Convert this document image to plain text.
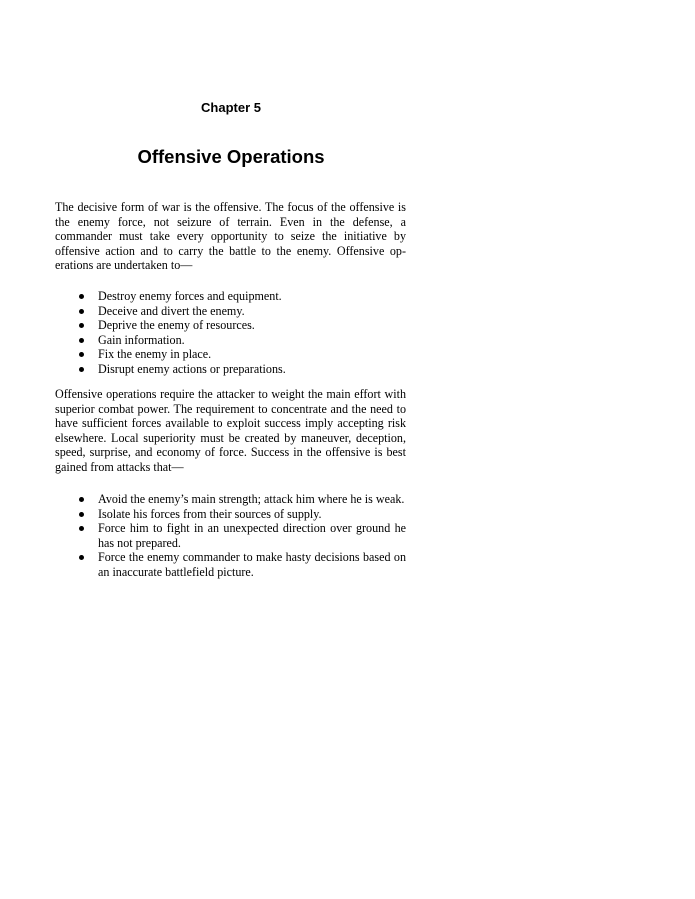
Chapter 5
Offensive Operations
The decisive form of war is the offensive. The focus of the offensive is the enemy force, not seizure of terrain. Even in the defense, a commander must take every opportunity to seize the initiative by offensive action and to carry the battle to the enemy. Offensive operations are undertaken to—
Destroy enemy forces and equipment.
Deceive and divert the enemy.
Deprive the enemy of resources.
Gain information.
Fix the enemy in place.
Disrupt enemy actions or preparations.
Offensive operations require the attacker to weight the main effort with superior combat power. The requirement to concentrate and the need to have sufficient forces available to exploit success imply accepting risk elsewhere. Local superiority must be created by maneuver, deception, speed, surprise, and economy of force. Success in the offensive is best gained from attacks that—
Avoid the enemy’s main strength; attack him where he is weak.
Isolate his forces from their sources of supply.
Force him to fight in an unexpected direction over ground he has not prepared.
Force the enemy commander to make hasty decisions based on an inaccurate battlefield picture.
